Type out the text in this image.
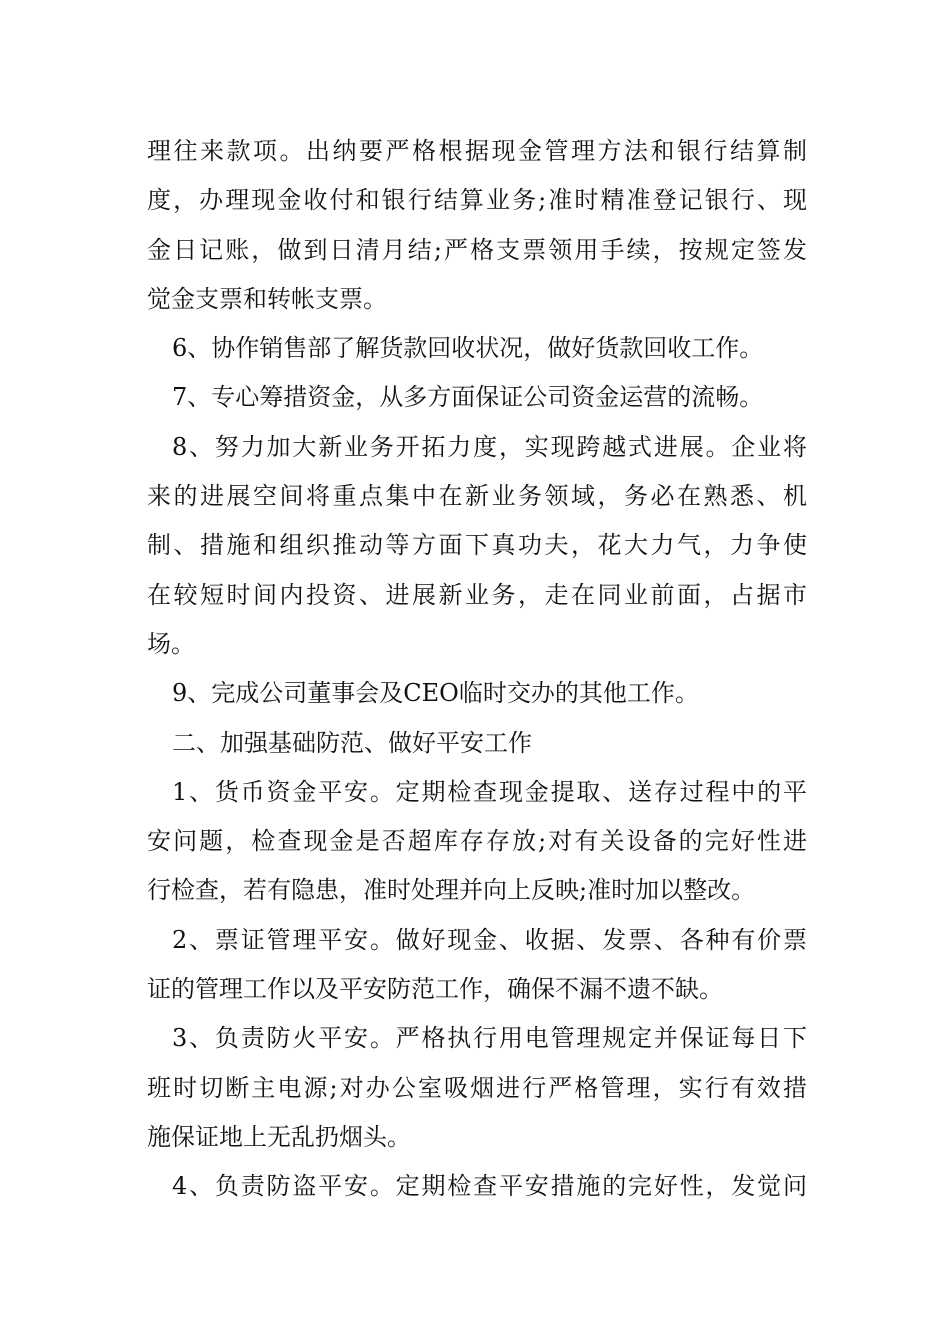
理往来款项。出纳要严格根据现金管理方法和银行结算制
度，办理现金收付和银行结算业务;准时精准登记银行、现
金日记账，做到日清月结;严格支票领用手续，按规定签发
觉金支票和转帐支票。
6、协作销售部了解货款回收状况，做好货款回收工作。
7、专心筹措资金，从多方面保证公司资金运营的流畅。
8、努力加大新业务开拓力度，实现跨越式进展。企业将
来的进展空间将重点集中在新业务领域，务必在熟悉、机
制、措施和组织推动等方面下真功夫，花大力气，力争使
在较短时间内投资、进展新业务，走在同业前面，占据市
场。
9、完成公司董事会及CEO临时交办的其他工作。
二、加强基础防范、做好平安工作
1、货币资金平安。定期检查现金提取、送存过程中的平
安问题，检查现金是否超库存存放;对有关设备的完好性进
行检查，若有隐患，准时处理并向上反映;准时加以整改。
2、票证管理平安。做好现金、收据、发票、各种有价票
证的管理工作以及平安防范工作，确保不漏不遗不缺。
3、负责防火平安。严格执行用电管理规定并保证每日下
班时切断主电源;对办公室吸烟进行严格管理，实行有效措
施保证地上无乱扔烟头。
4、负责防盗平安。定期检查平安措施的完好性，发觉问
